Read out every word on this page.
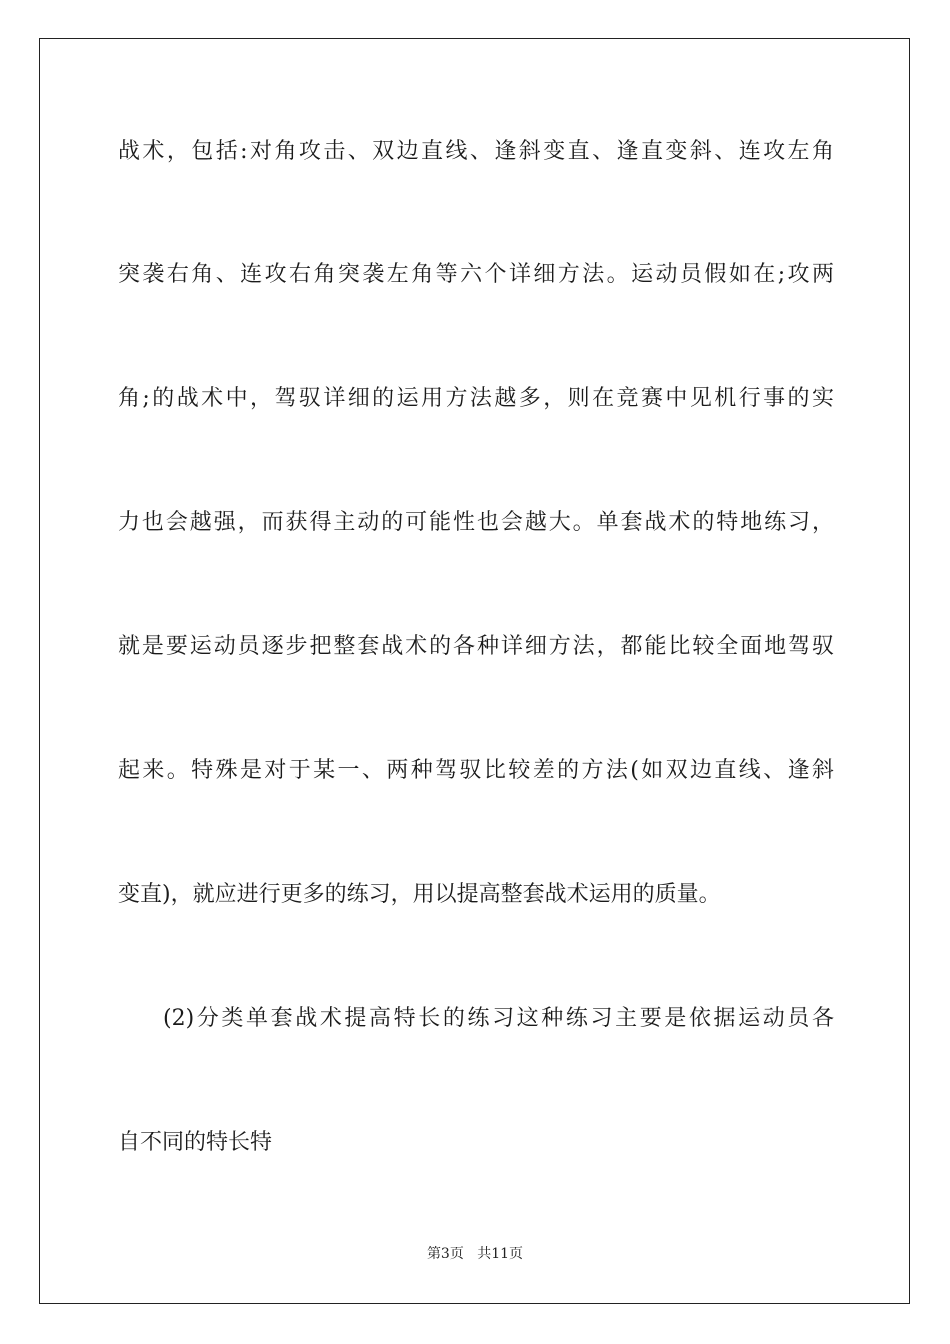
战术，包括:对角攻击、双边直线、逢斜变直、逢直变斜、连攻左角
突袭右角、连攻右角突袭左角等六个详细方法。运动员假如在;攻两
角;的战术中，驾驭详细的运用方法越多，则在竞赛中见机行事的实
力也会越强，而获得主动的可能性也会越大。单套战术的特地练习，
就是要运动员逐步把整套战术的各种详细方法，都能比较全面地驾驭
起来。特殊是对于某一、两种驾驭比较差的方法(如双边直线、逢斜
变直)，就应进行更多的练习，用以提高整套战术运用的质量。
(2)分类单套战术提高特长的练习这种练习主要是依据运动员各
自不同的特长特
第3页 共11页
